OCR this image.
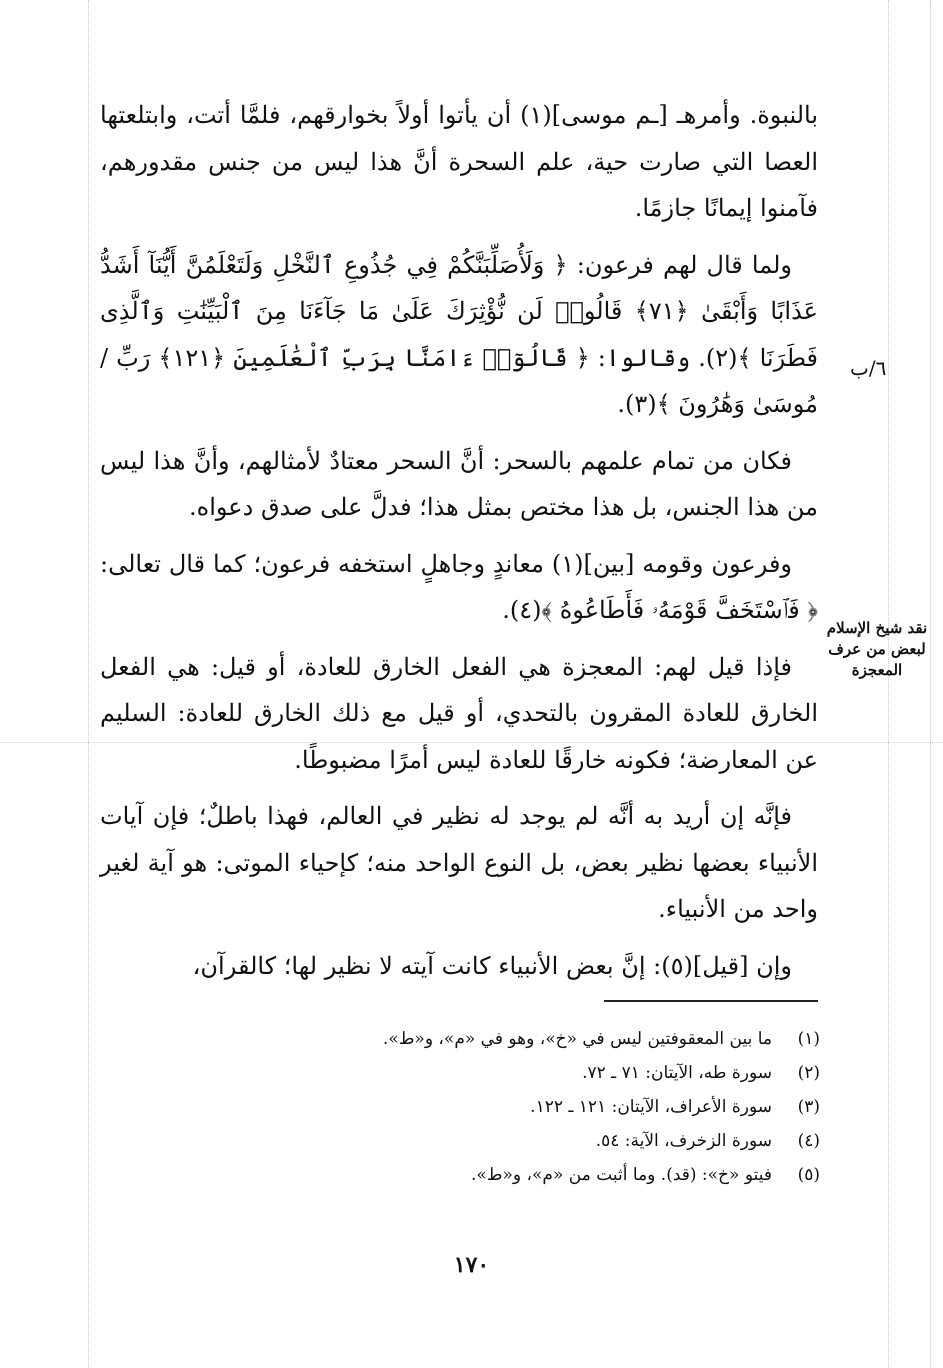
بالنبوة. وأمرهـ [ـم موسى](١) أن يأتوا أولاً بخوارقهم، فلمَّا أتت، وابتلعتها العصا التي صارت حية، علم السحرة أنَّ هذا ليس من جنس مقدورهم، فآمنوا إيمانًا جازمًا.

ولما قال لهم فرعون: ﴿ وَلَأُصَلِّبَنَّكُمْ فِي جُذُوعِ ٱلنَّخْلِ وَلَتَعْلَمُنَّ أَيُّنَآ أَشَدُّ عَذَابًا وَأَبْقَىٰ ﴿٧١﴾ قَالُوا۟ لَن نُّؤْثِرَكَ عَلَىٰ مَا جَآءَنَا مِنَ ٱلْبَيِّنَٰتِ وَٱلَّذِى فَطَرَنَا ﴾(٢). وقالوا: ﴿ قَالُوٓا۟ ءَامَنَّا بِرَبِّ ٱلْعَٰلَمِينَ ﴿١٢١﴾ رَبِّ / مُوسَىٰ وَهَٰرُونَ ﴾(٣).

فكان من تمام علمهم بالسحر: أنَّ السحر معتادٌ لأمثالهم، وأنَّ هذا ليس من هذا الجنس، بل هذا مختص بمثل هذا؛ فدلَّ على صدق دعواه.

وفرعون وقومه [بين](١) معاندٍ وجاهلٍ استخفه فرعون؛ كما قال تعالى: ﴿ فَٱسْتَخَفَّ قَوْمَهُۥ فَأَطَاعُوهُ ﴾(٤).

فإذا قيل لهم: المعجزة هي الفعل الخارق للعادة، أو قيل: هي الفعل الخارق للعادة المقرون بالتحدي، أو قيل مع ذلك الخارق للعادة: السليم عن المعارضة؛ فكونه خارقًا للعادة ليس أمرًا مضبوطًا.

فإنَّه إن أريد به أنَّه لم يوجد له نظير في العالم، فهذا باطلٌ؛ فإن آيات الأنبياء بعضها نظير بعض، بل النوع الواحد منه؛ كإحياء الموتى: هو آية لغير واحد من الأنبياء.

وإن [قيل](٥): إنَّ بعض الأنبياء كانت آيته لا نظير لها؛ كالقرآن،

٦/ب
نقد شيخ الإسلام لبعض من عرف المعجزة
(١)ما بين المعقوفتين ليس في «خ»، وهو في «م»، و«ط».
(٢)سورة طه، الآيتان: ٧١ ـ ٧٢.
(٣)سورة الأعراف، الآيتان: ١٢١ ـ ١٢٢.
(٤)سورة الزخرف، الآية: ٥٤.
(٥)فيتو «خ»: (قد). وما أثبت من «م»، و«ط».
١٧٠
